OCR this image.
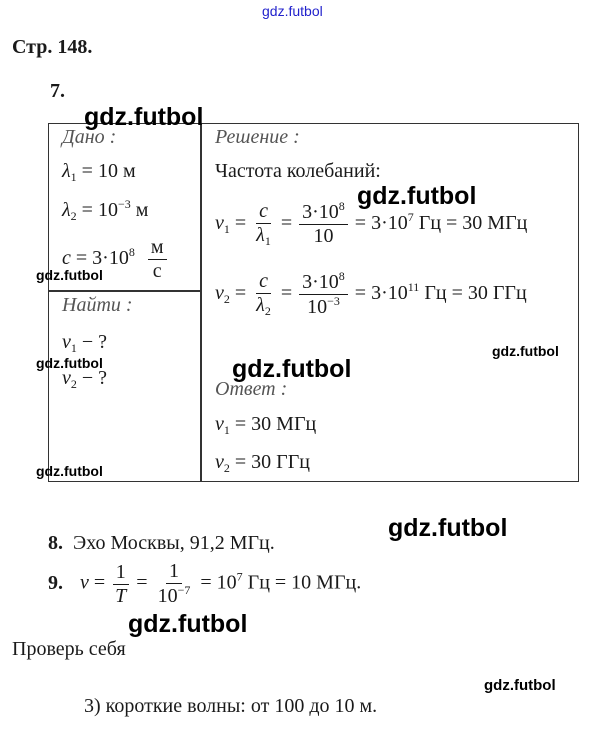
gdz.futbol
Стр. 148.
7.
Дано :
$\lambda_1 = 10$ м
$\lambda_2 = 10^{-3}$ м
$c = 3\cdot 10^8 \frac{м}{с}$
Найти :
$\nu_1$ − ?
$\nu_2$ − ?
Решение :
Частота колебаний:
$\nu_1 = \frac{c}{\lambda_1} = \frac{3\cdot 10^8}{10} = 3\cdot 10^7$ Гц = 30 МГц
$\nu_2 = \frac{c}{\lambda_2} = \frac{3\cdot 10^8}{10^{-3}} = 3\cdot 10^{11}$ Гц = 30 ГГц
Ответ :
$\nu_1 = 30$ МГц
$\nu_2 = 30$ ГГц
8. Эхо Москвы, 91,2 МГц.
9. $\nu = \frac{1}{T} = \frac{1}{10^{-7}} = 10^7$ Гц = 10 МГц.
Проверь себя
3) короткие волны: от 100 до 10 м.
gdz.futbol
gdz.futbol
gdz.futbol
gdz.futbol
gdz.futbol
gdz.futbol
gdz.futbol
gdz.futbol
gdz.futbol
gdz.futbol
